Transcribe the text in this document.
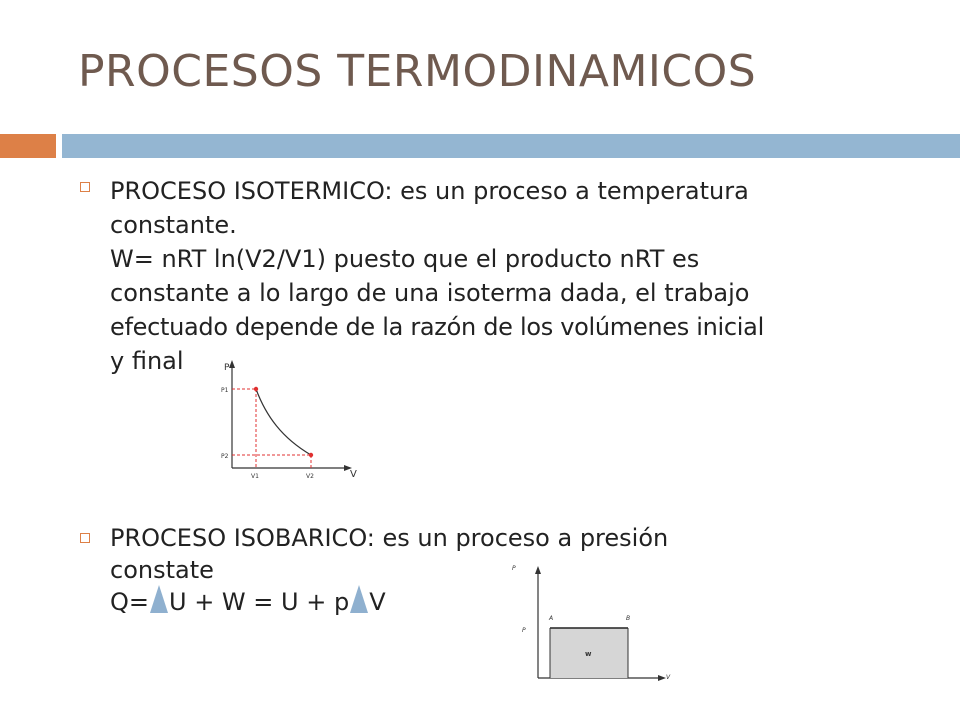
PROCESOS TERMODINAMICOS
PROCESO ISOTERMICO: es un proceso a temperatura
constante.
W= nRT ln(V2/V1) puesto que el producto nRT es
constante a lo largo de una isoterma dada, el trabajo
efectuado depende de la razón de los volúmenes inicial
y final	P
V
P1
P2
V1	V2
PROCESO ISOBARICO: es un proceso a presión
constate
Q= U + W = U + p V
P
V
P
A	B
w
